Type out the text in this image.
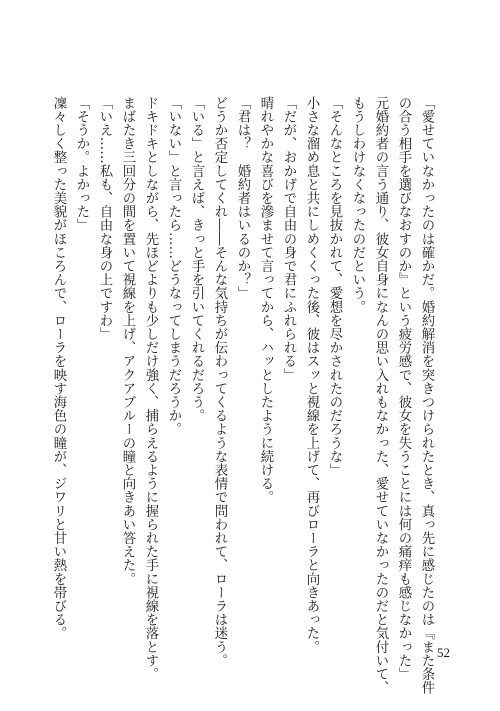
「愛せていなかったのは確かだ。婚約解消を突きつけられたとき、真っ先に感じたのは『また条件
の合う相手を選びなおすのか』という疲労感で、彼女を失うことには何の痛痒も感じなかった」
元婚約者の言う通り、彼女自身になんの思い入れもなかった、愛せていなかったのだと気付いて、
もうしわけなくなったのだという。
「そんなところを見抜かれて、愛想を尽かされたのだろうな」
小さな溜め息と共にしめくくった後、彼はスッと視線を上げて、再びローラと向きあった。
「だが、おかげで自由の身で君にふれられる」
晴れやかな喜びを滲ませて言ってから、ハッとしたように続ける。
「君は？　婚約者はいるのか？」
どうか否定してくれ――そんな気持ちが伝わってくるような表情で問われて、ローラは迷う。
「いる」と言えば、きっと手を引いてくれるだろう。
「いない」と言ったら……どうなってしまうだろうか。
ドキドキとしながら、先ほどよりも少しだけ強く、捕らえるように握られた手に視線を落とす。
まばたき三回分の間を置いて視線を上げ、アクアブルーの瞳と向きあい答えた。
「いえ……私も、自由な身の上ですわ」
「そうか。よかった」
凜々しく整った美貌がほころんで、ローラを映す海色の瞳が、ジワリと甘い熱を帯びる。
52
